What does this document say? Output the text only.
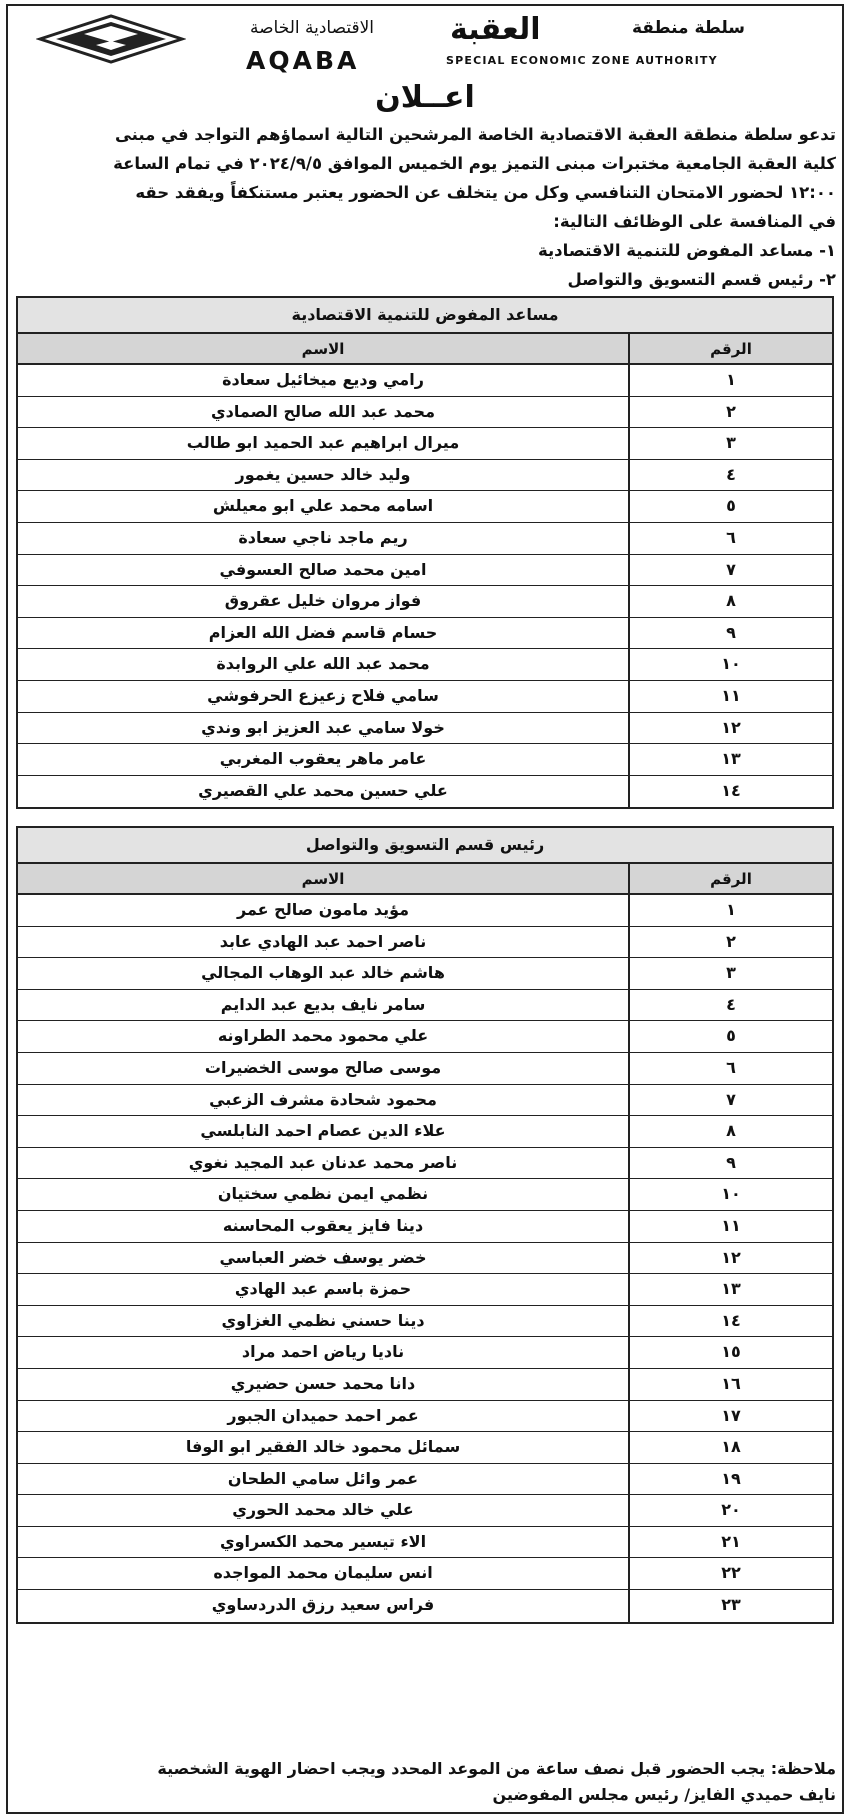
سلطة منطقة
العقبة
الاقتصادية الخاصة
AQABA	SPECIAL ECONOMIC ZONE AUTHORITY
اعــلان

تدعو سلطة منطقة العقبة الاقتصادية الخاصة المرشحين التالية اسماؤهم التواجد في مبنى

كلية العقبة الجامعية مختبرات مبنى التميز يوم الخميس الموافق ٢٠٢٤/٩/٥ في تمام الساعة

١٢:٠٠ لحضور الامتحان التنافسي وكل من يتخلف عن الحضور يعتبر مستنكفاً ويفقد حقه

في المنافسة على الوظائف التالية:

١- مساعد المفوض للتنمية الاقتصادية

٢- رئيس قسم التسويق والتواصل

مساعد المفوض للتنمية الاقتصادية
الرقم
الاسم
١
رامي وديع ميخائيل سعادة
٢
محمد عبد الله صالح الصمادي
٣
ميرال ابراهيم عبد الحميد ابو طالب
٤
وليد خالد حسين يغمور
٥
اسامه محمد علي ابو معيلش
٦
ريم ماجد ناجي سعادة
٧
امين محمد صالح العسوفي
٨
فواز مروان خليل عقروق
٩
حسام قاسم فضل الله العزام
١٠
محمد عبد الله علي الروابدة
١١
سامي فلاح زعيزع الحرفوشي
١٢
خولا سامي عبد العزيز ابو وندي
١٣
عامر ماهر يعقوب المغربي
١٤
علي حسين محمد علي القصيري
رئيس قسم التسويق والتواصل
الرقم
الاسم
١
مؤيد مامون صالح عمر
٢
ناصر احمد عبد الهادي عابد
٣
هاشم خالد عبد الوهاب المجالي
٤
سامر نايف بديع عبد الدايم
٥
علي محمود محمد الطراونه
٦
موسى صالح موسى الخضيرات
٧
محمود شحادة مشرف الزعبي
٨
علاء الدين عصام احمد النابلسي
٩
ناصر محمد عدنان عبد المجيد نغوي
١٠
نظمي ايمن نظمي سختيان
١١
دينا فايز يعقوب المحاسنه
١٢
خضر يوسف خضر العباسي
١٣
حمزة باسم عبد الهادي
١٤
دينا حسني نظمي الغزاوي
١٥
ناديا رياض احمد مراد
١٦
دانا محمد حسن حضيري
١٧
عمر احمد حميدان الجبور
١٨
سمائل محمود خالد الفقير ابو الوفا
١٩
عمر وائل سامي الطحان
٢٠
علي خالد محمد الحوري
٢١
الاء تيسير محمد الكسراوي
٢٢
انس سليمان محمد المواجده
٢٣
فراس سعيد رزق الدردساوي

ملاحظة: يجب الحضور قبل نصف ساعة من الموعد المحدد ويجب احضار الهوية الشخصية

نايف حميدي الفايز/ رئيس مجلس المفوضين
